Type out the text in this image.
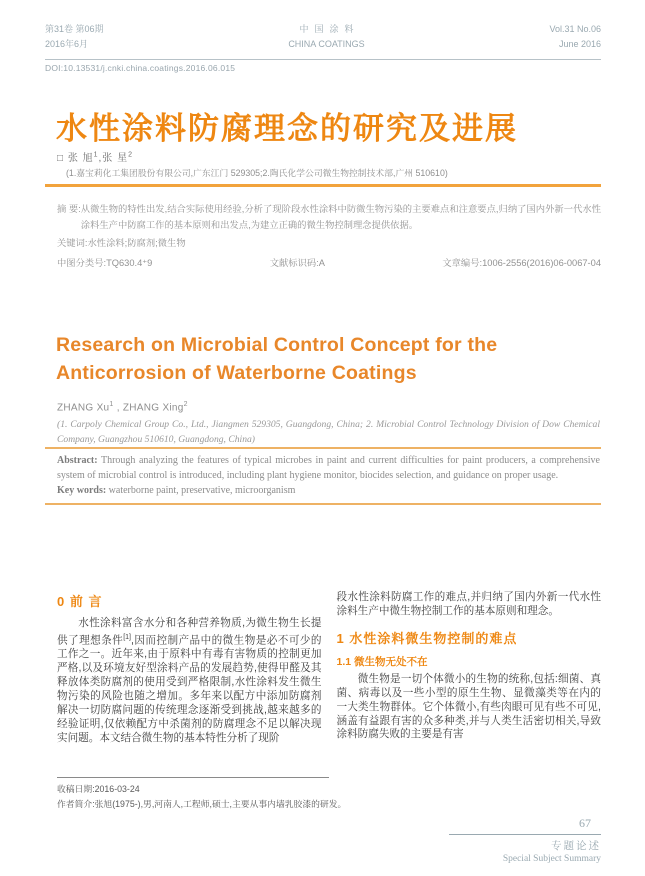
第31卷 第06期
2016年6月
中国涂料
CHINA COATINGS
Vol.31 No.06
June 2016
DOI:10.13531/j.cnki.china.coatings.2016.06.015
水性涂料防腐理念的研究及进展
□ 张 旭$^1$,张 星$^2$
(1.嘉宝莉化工集团股份有限公司,广东江门 529305;2.陶氏化学公司微生物控制技术部,广州 510610)
摘 要: 从微生物的特性出发,结合实际使用经验,分析了现阶段水性涂料中防微生物污染的主要难点和注意要点,归纳了国内外新一代水性涂料生产中防腐工作的基本原则和出发点,为建立正确的微生物控制理念提供依据。
关键词: 水性涂料;防腐剂;微生物
中图分类号:TQ630.4⁺9	文献标识码:A	文章编号:1006-2556(2016)06-0067-04
Research on Microbial Control Concept for the Anticorrosion of Waterborne Coatings
ZHANG Xu$^1$ , ZHANG Xing$^2$
(1. Carpoly Chemical Group Co., Ltd., Jiangmen 529305, Guangdong, China; 2. Microbial Control Technology Division of Dow Chemical Company, Guangzhou 510610, Guangdong, China)
Abstract: Through analyzing the features of typical microbes in paint and current difficulties for paint producers, a comprehensive system of microbial control is introduced, including plant hygiene monitor, biocides selection, and guidance on proper usage.
Key words: waterborne paint, preservative, microorganism
0 前 言

水性涂料富含水分和各种营养物质,为微生物生长提供了理想条件[1],因而控制产品中的微生物是必不可少的工作之一。近年来,由于原料中有毒有害物质的控制更加严格,以及环境友好型涂料产品的发展趋势,使得甲醛及其释放体类防腐剂的使用受到严格限制,水性涂料发生微生物污染的风险也随之增加。多年来以配方中添加防腐剂解决一切防腐问题的传统理念逐渐受到挑战,越来越多的经验证明,仅依赖配方中杀菌剂的防腐理念不足以解决现实问题。本文结合微生物的基本特性分析了现阶

段水性涂料防腐工作的难点,并归纳了国内外新一代水性涂料生产中微生物控制工作的基本原则和理念。

1 水性涂料微生物控制的难点
1.1 微生物无处不在

微生物是一切个体微小的生物的统称,包括:细菌、真菌、病毒以及一些小型的原生生物、显微藻类等在内的一大类生物群体。它个体微小,有些肉眼可见有些不可见,涵盖有益跟有害的众多种类,并与人类生活密切相关,导致涂料防腐失败的主要是有害

收稿日期:2016-03-24
作者简介:张旭(1975-),男,河南人,工程师,硕士,主要从事内墙乳胶漆的研发。
67
专题论述
Special Subject Summary
